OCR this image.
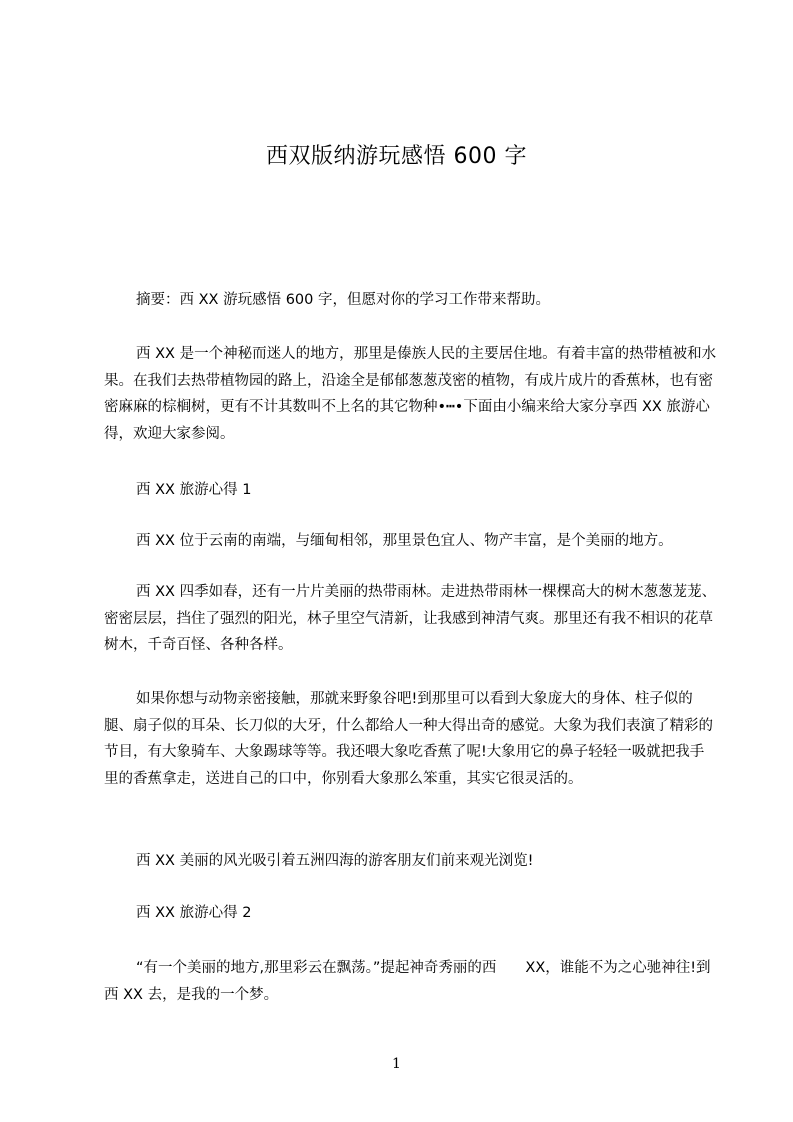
西双版纳游玩感悟 600 字

摘要：西 XX 游玩感悟 600 字，但愿对你的学习工作带来帮助。

西 XX 是一个神秘而迷人的地方，那里是傣族人民的主要居住地。有着丰富的热带植被和水果。在我们去热带植物园的路上，沿途全是郁郁葱葱茂密的植物，有成片成片的香蕉林，也有密密麻麻的棕榈树，更有不计其数叫不上名的其它物种•┅•下面由小编来给大家分享西 XX 旅游心得，欢迎大家参阅。

西 XX 旅游心得 1

西 XX 位于云南的南端，与缅甸相邻，那里景色宜人、物产丰富，是个美丽的地方。

西 XX 四季如春，还有一片片美丽的热带雨林。走进热带雨林一棵棵高大的树木葱葱茏茏、密密层层，挡住了强烈的阳光，林子里空气清新，让我感到神清气爽。那里还有我不相识的花草树木，千奇百怪、各种各样。

如果你想与动物亲密接触，那就来野象谷吧!到那里可以看到大象庞大的身体、柱子似的腿、扇子似的耳朵、长刀似的大牙，什么都给人一种大得出奇的感觉。大象为我们表演了精彩的节目，有大象骑车、大象踢球等等。我还喂大象吃香蕉了呢!大象用它的鼻子轻轻一吸就把我手里的香蕉拿走，送进自己的口中，你别看大象那么笨重，其实它很灵活的。

西 XX 美丽的风光吸引着五洲四海的游客朋友们前来观光浏览!

西 XX 旅游心得 2

“有一个美丽的地方,那里彩云在飘荡。”提起神奇秀丽的西　　XX，谁能不为之心驰神往!到西 XX 去，是我的一个梦。

1
